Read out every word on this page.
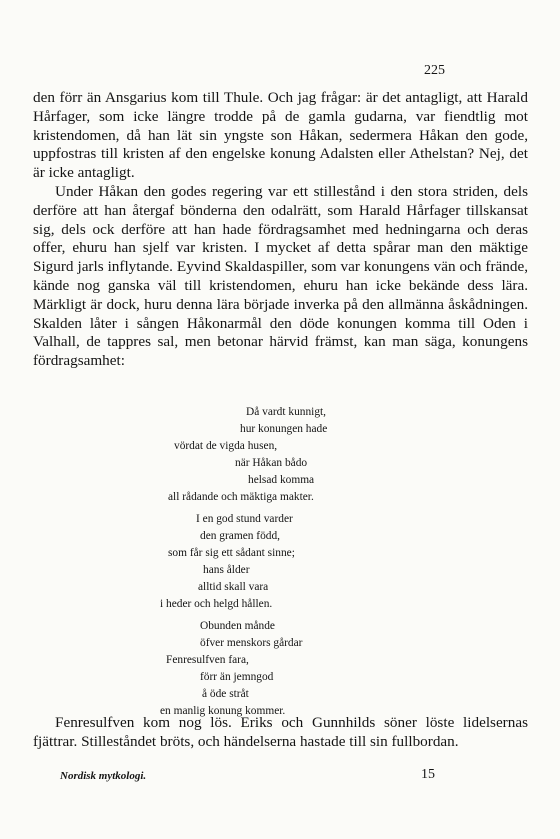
225

den förr än Ansgarius kom till Thule. Och jag frågar: är det antagligt, att Harald Hårfager, som icke längre trodde på de gamla gudarna, var fiendtlig mot kristendomen, då han lät sin yngste son Håkan, sedermera Håkan den gode, uppfostras till kristen af den engelske konung Adalsten eller Athelstan? Nej, det är icke antagligt.

Under Håkan den godes regering var ett stillestånd i den stora striden, dels derföre att han återgaf bönderna den odalrätt, som Harald Hårfager tillskansat sig, dels ock derföre att han hade fördragsamhet med hedningarna och deras offer, ehuru han sjelf var kristen. I mycket af detta spårar man den mäktige Sigurd jarls inflytande. Eyvind Skaldaspiller, som var konungens vän och frände, kände nog ganska väl till kristendomen, ehuru han icke bekände dess lära. Märkligt är dock, huru denna lära började inverka på den allmänna åskådningen. Skalden låter i sången Håkonarmål den döde konungen komma till Oden i Valhall, de tappres sal, men betonar härvid främst, kan man säga, konungens fördragsamhet:

Då vardt kunnigt,
hur konungen hade
vördat de vigda husen,
när Håkan bådo
helsad komma
all rådande och mäktiga makter.
I en god stund varder
den gramen född,
som får sig ett sådant sinne;
hans ålder
alltid skall vara
i heder och helgd hållen.
Obunden månde
öfver menskors gårdar
Fenresulfven fara,
förr än jemngod
å öde stråt
en manlig konung kommer.

Fenresulfven kom nog lös. Eriks och Gunnhilds söner löste lidelsernas fjättrar. Stilleståndet bröts, och händelserna hastade till sin fullbordan.

Nordisk mytkologi.	15
